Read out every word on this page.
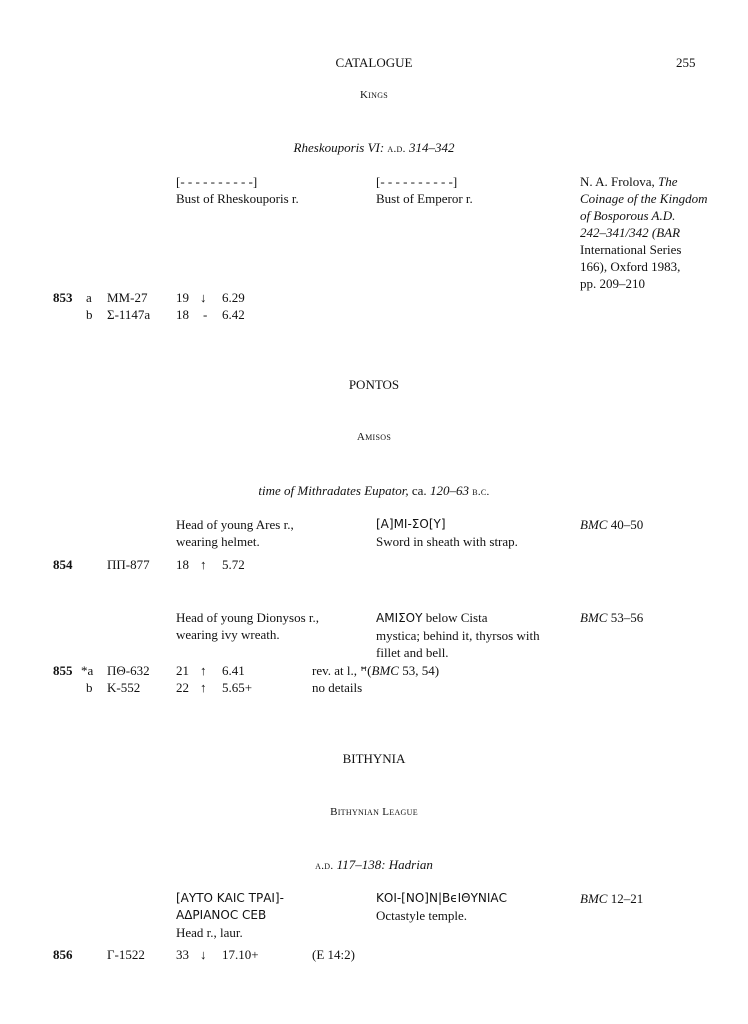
CATALOGUE	255
Kings
Rheskouporis VI: a.d. 314–342
[- - - - - - - - - -]
Bust of Rheskouporis r.
[- - - - - - - - - -]
Bust of Emperor r.
N. A. Frolova, The
Coinage of the Kingdom
of Bosporous A.D.
242–341/342 (BAR
International Series
166), Oxford 1983,
pp. 209–210
853 a MM-27 19 ↓ 6.29
b Σ-1147a 18 - 6.42
PONTOS
Amisos
time of Mithradates Eupator, ca. 120–63 b.c.
Head of young Ares r.,
wearing helmet.
[Α]ΜΙ-ΣΟ[Υ]
Sword in sheath with strap.
BMC 40–50
854	ΠΠ-877 18 ↑ 5.72
Head of young Dionysos r.,
wearing ivy wreath.
ΑΜΙΣΟΥ below Cista
mystica; behind it, thyrsos with
fillet and bell.
BMC 53–56
855 *a ΠΘ-632 21 ↑ 6.41	rev. at l., ꟸ(BMC 53, 54)
b K-552	22 ↑ 5.65+	no details
BITHYNIA
Bithynian League
a.d. 117–138: Hadrian
[ΑΥΤΟ ΚΑΙϹ ΤΡΑΙ]-
ΑΔΡΙΑΝΟϹ ϹΕΒ
Head r., laur.
ΚΟΙ-[ΝΟ]Ν|ΒϵΙΘΥΝΙΑϹ
Octastyle temple.
BMC 12–21
856	Γ-1522 33 ↓ 17.10+	(E 14:2)
